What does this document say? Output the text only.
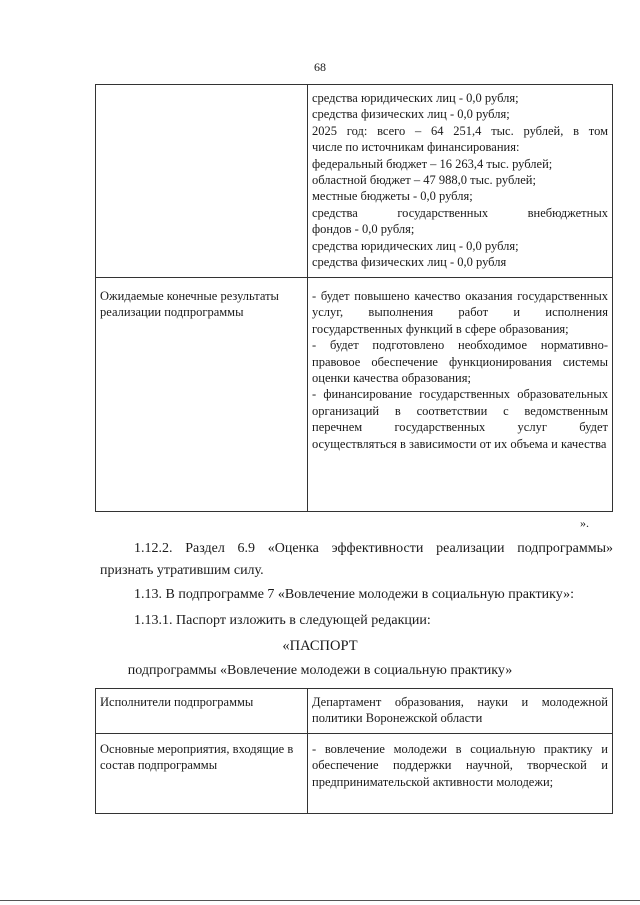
68

средства юридических лиц - 0,0 рубля;

средства физических лиц - 0,0 рубля;

2025 год: всего – 64 251,4 тыс. рублей, в том

числе по источникам финансирования:

федеральный бюджет – 16 263,4 тыс. рублей;

областной бюджет – 47 988,0 тыс. рублей;

местные бюджеты - 0,0 рубля;

средства государственных внебюджетных

фондов - 0,0 рубля;

средства юридических лиц - 0,0 рубля;

средства физических лиц - 0,0 рубля

Ожидаемые конечные результаты реализации подпрограммы

- будет повышено качество оказания государственных услуг, выполнения работ и исполнения государственных функций в сфере образования;

- будет подготовлено необходимое нормативно-правовое обеспечение функционирования системы оценки качества образования;

- финансирование государственных образовательных организаций в соответствии с ведомственным перечнем государственных услуг будет осуществляться в зависимости от их объема и качества

».
1.12.2. Раздел 6.9 «Оценка эффективности реализации подпрограммы» признать утратившим силу.
1.13. В подпрограмме 7 «Вовлечение молодежи в социальную практику»:
1.13.1. Паспорт изложить в следующей редакции:
«ПАСПОРТ
подпрограммы «Вовлечение молодежи в социальную практику»
Исполнители подпрограммы	Департамент образования, науки и молодежной политики Воронежской области
Основные мероприятия, входящие в состав подпрограммы
- вовлечение молодежи в социальную практику и обеспечение поддержки научной, творческой и предпринимательской активности молодежи;
